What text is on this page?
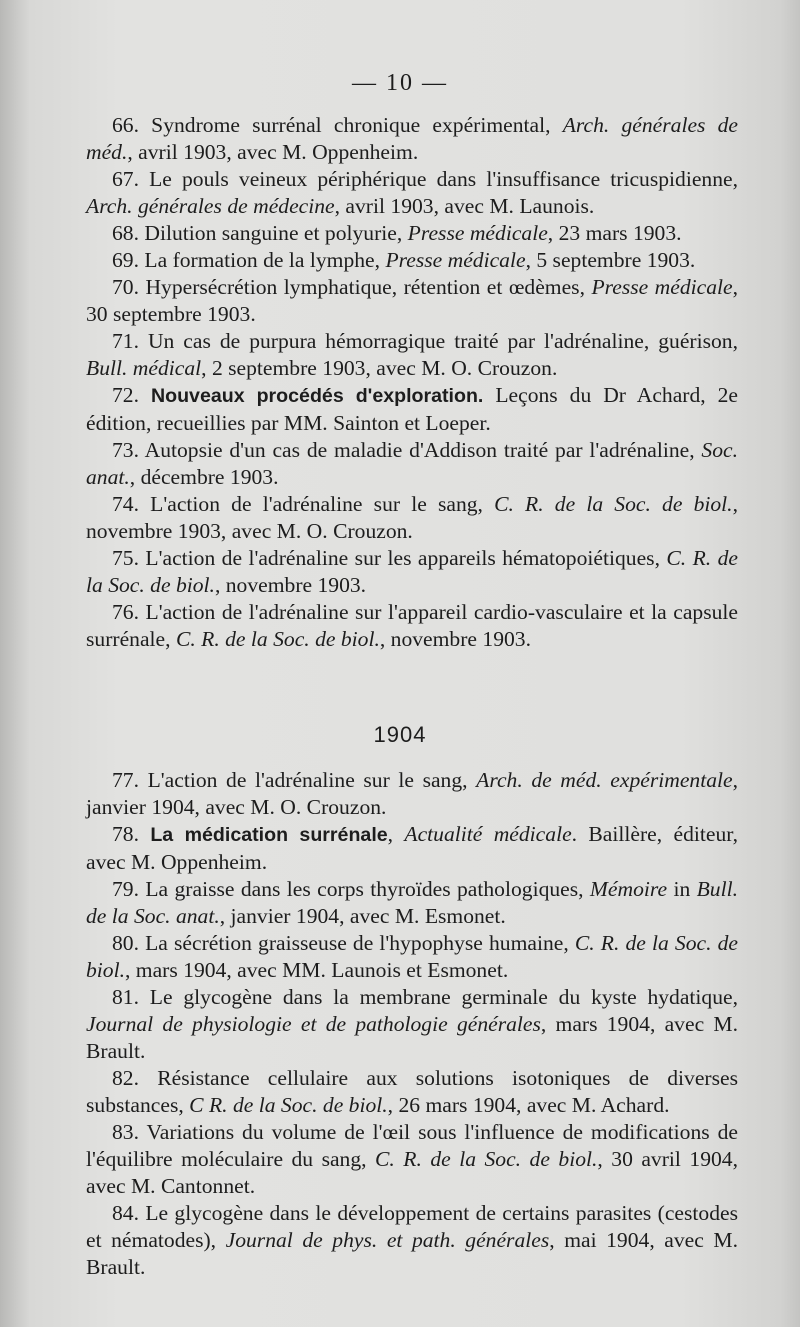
— 10 —

66. Syndrome surrénal chronique expérimental, Arch. générales de méd., avril 1903, avec M. Oppenheim.

67. Le pouls veineux périphérique dans l'insuffisance tricuspidienne, Arch. générales de médecine, avril 1903, avec M. Launois.

68. Dilution sanguine et polyurie, Presse médicale, 23 mars 1903.

69. La formation de la lymphe, Presse médicale, 5 septembre 1903.

70. Hypersécrétion lymphatique, rétention et œdèmes, Presse médicale, 30 septembre 1903.

71. Un cas de purpura hémorragique traité par l'adrénaline, guérison, Bull. médical, 2 septembre 1903, avec M. O. Crouzon.

72. Nouveaux procédés d'exploration. Leçons du Dr Achard, 2e édition, recueillies par MM. Sainton et Loeper.

73. Autopsie d'un cas de maladie d'Addison traité par l'adrénaline, Soc. anat., décembre 1903.

74. L'action de l'adrénaline sur le sang, C. R. de la Soc. de biol., novembre 1903, avec M. O. Crouzon.

75. L'action de l'adrénaline sur les appareils hématopoiétiques, C. R. de la Soc. de biol., novembre 1903.

76. L'action de l'adrénaline sur l'appareil cardio-vasculaire et la capsule surrénale, C. R. de la Soc. de biol., novembre 1903.

1904

77. L'action de l'adrénaline sur le sang, Arch. de méd. expérimentale, janvier 1904, avec M. O. Crouzon.

78. La médication surrénale, Actualité médicale. Baillère, éditeur, avec M. Oppenheim.

79. La graisse dans les corps thyroïdes pathologiques, Mémoire in Bull. de la Soc. anat., janvier 1904, avec M. Esmonet.

80. La sécrétion graisseuse de l'hypophyse humaine, C. R. de la Soc. de biol., mars 1904, avec MM. Launois et Esmonet.

81. Le glycogène dans la membrane germinale du kyste hydatique, Journal de physiologie et de pathologie générales, mars 1904, avec M. Brault.

82. Résistance cellulaire aux solutions isotoniques de diverses substances, C R. de la Soc. de biol., 26 mars 1904, avec M. Achard.

83. Variations du volume de l'œil sous l'influence de modifications de l'équilibre moléculaire du sang, C. R. de la Soc. de biol., 30 avril 1904, avec M. Cantonnet.

84. Le glycogène dans le développement de certains parasites (cestodes et nématodes), Journal de phys. et path. générales, mai 1904, avec M. Brault.
